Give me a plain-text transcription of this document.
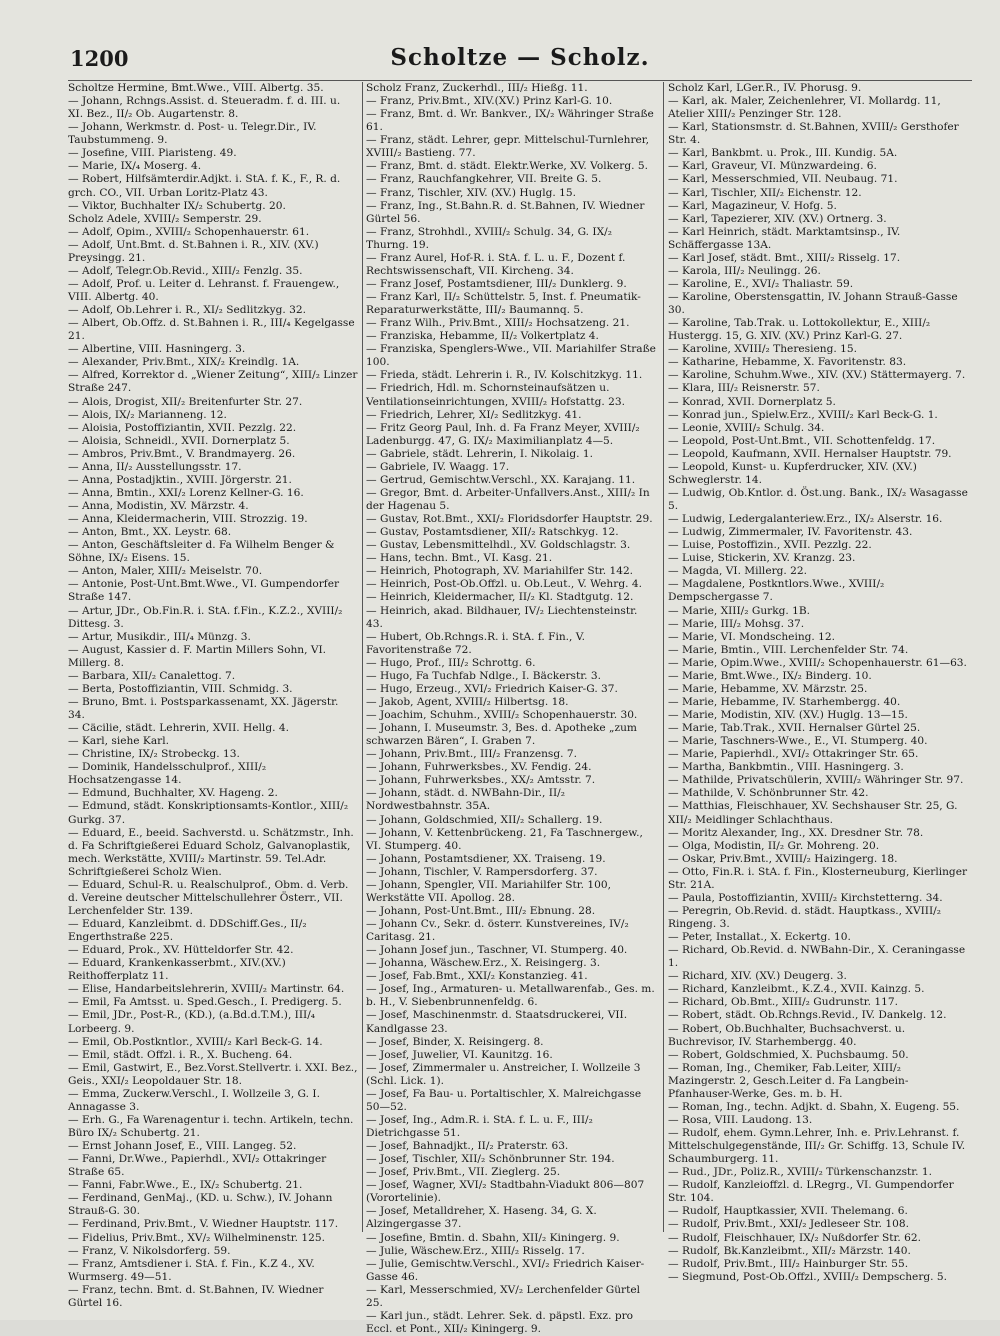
1200	Scholtze — Scholz.
Scholtze Hermine, Bmt.Wwe., VIII. Albertg. 35.
— Johann, Rchngs.Assist. d. Steueradm. f. d. III. u. XI. Bez., II/₂ Ob. Augartenstr. 8.
— Johann, Werkmstr. d. Post- u. Telegr.Dir., IV. Taubstummeng. 9.
— Josefine, VIII. Piaristeng. 49.
— Marie, IX/₄ Moserg. 4.
— Robert, Hilfsämterdir.Adjkt. i. StA. f. K., F., R. d. grch. CO., VII. Urban Loritz-Platz 43.
— Viktor, Buchhalter IX/₂ Schubertg. 20.
Scholz Adele, XVIII/₂ Semperstr. 29.
— Adolf, Opim., XVIII/₂ Schopenhauerstr. 61.
— Adolf, Unt.Bmt. d. St.Bahnen i. R., XIV. (XV.) Preysingg. 21.
— Adolf, Telegr.Ob.Revid., XIII/₂ Fenzlg. 35.
— Adolf, Prof. u. Leiter d. Lehranst. f. Frauengew., VIII. Albertg. 40.
— Adolf, Ob.Lehrer i. R., XI/₂ Sedlitzkyg. 32.
— Albert, Ob.Offz. d. St.Bahnen i. R., III/₄ Kegelgasse 21.
— Albertine, VIII. Hasningerg. 3.
— Alexander, Priv.Bmt., XIX/₂ Kreindlg. 1A.
— Alfred, Korrektor d. „Wiener Zeitung“, XIII/₂ Linzer Straße 247.
— Alois, Drogist, XII/₂ Breitenfurter Str. 27.
— Alois, IX/₂ Marianneng. 12.
— Aloisia, Postoffiziantin, XVII. Pezzlg. 22.
— Aloisia, Schneidl., XVII. Dornerplatz 5.
— Ambros, Priv.Bmt., V. Brandmayerg. 26.
— Anna, II/₂ Ausstellungsstr. 17.
— Anna, Postadjktin., XVIII. Jörgerstr. 21.
— Anna, Bmtin., XXI/₂ Lorenz Kellner-G. 16.
— Anna, Modistin, XV. Märzstr. 4.
— Anna, Kleidermacherin, VIII. Strozzig. 19.
— Anton, Bmt., XX. Leystr. 68.
— Anton, Geschäftsleiter d. Fa Wilhelm Benger & Söhne, IX/₂ Eisens. 15.
— Anton, Maler, XIII/₂ Meiselstr. 70.
— Antonie, Post-Unt.Bmt.Wwe., VI. Gumpendorfer Straße 147.
— Artur, JDr., Ob.Fin.R. i. StA. f.Fin., K.Z.2., XVIII/₂ Dittesg. 3.
— Artur, Musikdir., III/₄ Münzg. 3.
— August, Kassier d. F. Martin Millers Sohn, VI. Millerg. 8.
— Barbara, XII/₂ Canalettog. 7.
— Berta, Postoffiziantin, VIII. Schmidg. 3.
— Bruno, Bmt. i. Postsparkassenamt, XX. Jägerstr. 34.
— Cäcilie, städt. Lehrerin, XVII. Hellg. 4.
— Karl, siehe Karl.
— Christine, IX/₂ Strobeckg. 13.
— Dominik, Handelsschulprof., XIII/₂ Hochsatzengasse 14.
— Edmund, Buchhalter, XV. Hageng. 2.
— Edmund, städt. Konskriptionsamts-Kontlor., XIII/₂ Gurkg. 37.
— Eduard, E., beeid. Sachverstd. u. Schätzmstr., Inh. d. Fa Schriftgießerei Eduard Scholz, Galvanoplastik, mech. Werkstätte, XVIII/₂ Martinstr. 59. Tel.Adr. Schriftgießerei Scholz Wien.
— Eduard, Schul-R. u. Realschulprof., Obm. d. Verb. d. Vereine deutscher Mittelschullehrer Österr., VII. Lerchenfelder Str. 139.
— Eduard, Kanzleibmt. d. DDSchiff.Ges., II/₂ Engerthstraße 225.
— Eduard, Prok., XV. Hütteldorfer Str. 42.
— Eduard, Krankenkasserbmt., XIV.(XV.) Reithofferplatz 11.
— Elise, Handarbeitslehrerin, XVIII/₂ Martinstr. 64.
— Emil, Fa Amtsst. u. Sped.Gesch., I. Predigerg. 5.
— Emil, JDr., Post-R., (KD.), (a.Bd.d.T.M.), III/₄ Lorbeerg. 9.
— Emil, Ob.Postkntlor., XVIII/₂ Karl Beck-G. 14.
— Emil, städt. Offzl. i. R., X. Bucheng. 64.
— Emil, Gastwirt, E., Bez.Vorst.Stellvertr. i. XXI. Bez., Geis., XXI/₂ Leopoldauer Str. 18.
— Emma, Zuckerw.Verschl., I. Wollzeile 3, G. I. Annagasse 3.
— Erh. G., Fa Warenagentur i. techn. Artikeln, techn. Büro IX/₂ Schubertg. 21.
— Ernst Johann Josef, E., VIII. Langeg. 52.
— Fanni, Dr.Wwe., Papierhdl., XVI/₂ Ottakringer Straße 65.
— Fanni, Fabr.Wwe., E., IX/₂ Schubertg. 21.
— Ferdinand, GenMaj., (KD. u. Schw.), IV. Johann Strauß-G. 30.
— Ferdinand, Priv.Bmt., V. Wiedner Hauptstr. 117.
— Fidelius, Priv.Bmt., XV/₂ Wilhelminenstr. 125.
— Franz, V. Nikolsdorferg. 59.
— Franz, Amtsdiener i. StA. f. Fin., K.Z 4., XV. Wurmserg. 49—51.
— Franz, techn. Bmt. d. St.Bahnen, IV. Wiedner Gürtel 16.
Scholz Franz, Zuckerhdl., III/₂ Hießg. 11.
— Franz, Priv.Bmt., XIV.(XV.) Prinz Karl-G. 10.
— Franz, Bmt. d. Wr. Bankver., IX/₂ Währinger Straße 61.
— Franz, städt. Lehrer, gepr. Mittelschul-Turnlehrer, XVIII/₂ Bastieng. 77.
— Franz, Bmt. d. städt. Elektr.Werke, XV. Volkerg. 5.
— Franz, Rauchfangkehrer, VII. Breite G. 5.
— Franz, Tischler, XIV. (XV.) Huglg. 15.
— Franz, Ing., St.Bahn.R. d. St.Bahnen, IV. Wiedner Gürtel 56.
— Franz, Strohhdl., XVIII/₂ Schulg. 34, G. IX/₂ Thurng. 19.
— Franz Aurel, Hof-R. i. StA. f. L. u. F., Dozent f. Rechtswissenschaft, VII. Kircheng. 34.
— Franz Josef, Postamtsdiener, III/₂ Dunklerg. 9.
— Franz Karl, II/₂ Schüttelstr. 5, Inst. f. Pneumatik-Reparaturwerkstätte, III/₂ Baumannq. 5.
— Franz Wilh., Priv.Bmt., XIII/₂ Hochsatzeng. 21.
— Franziska, Hebamme, II/₂ Volkertplatz 4.
— Franziska, Spenglers-Wwe., VII. Mariahilfer Straße 100.
— Frieda, städt. Lehrerin i. R., IV. Kolschitzkyg. 11.
— Friedrich, Hdl. m. Schornsteinaufsätzen u. Ventilationseinrichtungen, XVIII/₂ Hofstattg. 23.
— Friedrich, Lehrer, XI/₂ Sedlitzkyg. 41.
— Fritz Georg Paul, Inh. d. Fa Franz Meyer, XVIII/₂ Ladenburgg. 47, G. IX/₂ Maximilianplatz 4—5.
— Gabriele, städt. Lehrerin, I. Nikolaig. 1.
— Gabriele, IV. Waagg. 17.
— Gertrud, Gemischtw.Verschl., XX. Karajang. 11.
— Gregor, Bmt. d. Arbeiter-Unfallvers.Anst., XIII/₂ In der Hagenau 5.
— Gustav, Rot.Bmt., XXI/₂ Floridsdorfer Hauptstr. 29.
— Gustav, Postamtsdiener, XII/₂ Ratschkyg. 12.
— Gustav, Lebensmittelhdl., XV. Goldschlagstr. 3.
— Hans, techn. Bmt., VI. Kasg. 21.
— Heinrich, Photograph, XV. Mariahilfer Str. 142.
— Heinrich, Post-Ob.Offzl. u. Ob.Leut., V. Wehrg. 4.
— Heinrich, Kleidermacher, II/₂ Kl. Stadtgutg. 12.
— Heinrich, akad. Bildhauer, IV/₂ Liechtensteinstr. 43.
— Hubert, Ob.Rchngs.R. i. StA. f. Fin., V. Favoritenstraße 72.
— Hugo, Prof., III/₂ Schrottg. 6.
— Hugo, Fa Tuchfab Ndlge., I. Bäckerstr. 3.
— Hugo, Erzeug., XVI/₂ Friedrich Kaiser-G. 37.
— Jakob, Agent, XVIII/₂ Hilbertsg. 18.
— Joachim, Schuhm., XVIII/₂ Schopenhauerstr. 30.
— Johann, I. Museumstr. 3, Bes. d. Apotheke „zum schwarzen Bären“, I. Graben 7.
— Johann, Priv.Bmt., III/₂ Franzensg. 7.
— Johann, Fuhrwerksbes., XV. Fendig. 24.
— Johann, Fuhrwerksbes., XX/₂ Amtsstr. 7.
— Johann, städt. d. NWBahn-Dir., II/₂ Nordwestbahnstr. 35A.
— Johann, Goldschmied, XII/₂ Schallerg. 19.
— Johann, V. Kettenbrückeng. 21, Fa Taschnergew., VI. Stumperg. 40.
— Johann, Postamtsdiener, XX. Traiseng. 19.
— Johann, Tischler, V. Rampersdorferg. 37.
— Johann, Spengler, VII. Mariahilfer Str. 100, Werkstätte VII. Apollog. 28.
— Johann, Post-Unt.Bmt., III/₂ Ebnung. 28.
— Johann Cv., Sekr. d. österr. Kunstvereines, IV/₂ Caritasg. 21.
— Johann Josef jun., Taschner, VI. Stumperg. 40.
— Johanna, Wäschew.Erz., X. Reisingerg. 3.
— Josef, Fab.Bmt., XXI/₂ Konstanzieg. 41.
— Josef, Ing., Armaturen- u. Metallwarenfab., Ges. m. b. H., V. Siebenbrunnenfeldg. 6.
— Josef, Maschinenmstr. d. Staatsdruckerei, VII. Kandlgasse 23.
— Josef, Binder, X. Reisingerg. 8.
— Josef, Juwelier, VI. Kaunitzg. 16.
— Josef, Zimmermaler u. Anstreicher, I. Wollzeile 3 (Schl. Lick. 1).
— Josef, Fa Bau- u. Portaltischler, X. Malreichgasse 50—52.
— Josef, Ing., Adm.R. i. StA. f. L. u. F., III/₂ Dietrichgasse 51.
— Josef, Bahnadjkt., II/₂ Praterstr. 63.
— Josef, Tischler, XII/₂ Schönbrunner Str. 194.
— Josef, Priv.Bmt., VII. Zieglerg. 25.
— Josef, Wagner, XVI/₂ Stadtbahn-Viadukt 806—807 (Vorortelinie).
— Josef, Metalldreher, X. Haseng. 34, G. X. Alzingergasse 37.
— Josefine, Bmtin. d. Sbahn, XII/₂ Kiningerg. 9.
— Julie, Wäschew.Erz., XIII/₂ Risselg. 17.
— Julie, Gemischtw.Verschl., XVI/₂ Friedrich Kaiser-Gasse 46.
— Karl, Messerschmied, XV/₂ Lerchenfelder Gürtel 25.
— Karl jun., städt. Lehrer. Sek. d. päpstl. Exz. pro Eccl. et Pont., XII/₂ Kiningerg. 9.
Scholz Karl, LGer.R., IV. Phorusg. 9.
— Karl, ak. Maler, Zeichenlehrer, VI. Mollardg. 11, Atelier XIII/₂ Penzinger Str. 128.
— Karl, Stationsmstr. d. St.Bahnen, XVIII/₂ Gersthofer Str. 4.
— Karl, Bankbmt. u. Prok., III. Kundig. 5A.
— Karl, Graveur, VI. Münzwardeing. 6.
— Karl, Messerschmied, VII. Neubaug. 71.
— Karl, Tischler, XII/₂ Eichenstr. 12.
— Karl, Magazineur, V. Hofg. 5.
— Karl, Tapezierer, XIV. (XV.) Ortnerg. 3.
— Karl Heinrich, städt. Marktamtsinsp., IV. Schäffergasse 13A.
— Karl Josef, städt. Bmt., XIII/₂ Risselg. 17.
— Karola, III/₂ Neulingg. 26.
— Karoline, E., XVI/₂ Thaliastr. 59.
— Karoline, Oberstensgattin, IV. Johann Strauß-Gasse 30.
— Karoline, Tab.Trak. u. Lottokollektur, E., XIII/₂ Hustergg. 15, G. XIV. (XV.) Prinz Karl-G. 27.
— Karoline, XVIII/₂ Theresieng. 15.
— Katharine, Hebamme, X. Favoritenstr. 83.
— Karoline, Schuhm.Wwe., XIV. (XV.) Stättermayerg. 7.
— Klara, III/₂ Reisnerstr. 57.
— Konrad, XVII. Dornerplatz 5.
— Konrad jun., Spielw.Erz., XVIII/₂ Karl Beck-G. 1.
— Leonie, XVIII/₂ Schulg. 34.
— Leopold, Post-Unt.Bmt., VII. Schottenfeldg. 17.
— Leopold, Kaufmann, XVII. Hernalser Hauptstr. 79.
— Leopold, Kunst- u. Kupferdrucker, XIV. (XV.) Schweglerstr. 14.
— Ludwig, Ob.Kntlor. d. Öst.ung. Bank., IX/₂ Wasagasse 5.
— Ludwig, Ledergalanteriew.Erz., IX/₂ Alserstr. 16.
— Ludwig, Zimmermaler, IV. Favoritenstr. 43.
— Luise, Postoffizin., XVII. Pezzlg. 22.
— Luise, Stickerin, XV. Kranzg. 23.
— Magda, VI. Millerg. 22.
— Magdalene, Postkntlors.Wwe., XVIII/₂ Dempschergasse 7.
— Marie, XIII/₂ Gurkg. 1B.
— Marie, III/₂ Mohsg. 37.
— Marie, VI. Mondscheing. 12.
— Marie, Bmtin., VIII. Lerchenfelder Str. 74.
— Marie, Opim.Wwe., XVIII/₂ Schopenhauerstr. 61—63.
— Marie, Bmt.Wwe., IX/₂ Binderg. 10.
— Marie, Hebamme, XV. Märzstr. 25.
— Marie, Hebamme, IV. Starhembergg. 40.
— Marie, Modistin, XIV. (XV.) Huglg. 13—15.
— Marie, Tab.Trak., XVII. Hernalser Gürtel 25.
— Marie, Taschners-Wwe., E., VI. Stumperg. 40.
— Marie, Papierhdl., XVI/₂ Ottakringer Str. 65.
— Martha, Bankbmtin., VIII. Hasningerg. 3.
— Mathilde, Privatschülerin, XVIII/₂ Währinger Str. 97.
— Mathilde, V. Schönbrunner Str. 42.
— Matthias, Fleischhauer, XV. Sechshauser Str. 25, G. XII/₂ Meidlinger Schlachthaus.
— Moritz Alexander, Ing., XX. Dresdner Str. 78.
— Olga, Modistin, II/₂ Gr. Mohreng. 20.
— Oskar, Priv.Bmt., XVIII/₂ Haizingerg. 18.
— Otto, Fin.R. i. StA. f. Fin., Klosterneuburg, Kierlinger Str. 21A.
— Paula, Postoffiziantin, XVIII/₂ Kirchstetterng. 34.
— Peregrin, Ob.Revid. d. städt. Hauptkass., XVIII/₂ Ringeng. 3.
— Peter, Installat., X. Eckertg. 10.
— Richard, Ob.Revid. d. NWBahn-Dir., X. Ceraningasse 1.
— Richard, XIV. (XV.) Deugerg. 3.
— Richard, Kanzleibmt., K.Z.4., XVII. Kainzg. 5.
— Richard, Ob.Bmt., XIII/₂ Gudrunstr. 117.
— Robert, städt. Ob.Rchngs.Revid., IV. Dankelg. 12.
— Robert, Ob.Buchhalter, Buchsachverst. u. Buchrevisor, IV. Starhembergg. 40.
— Robert, Goldschmied, X. Puchsbaumg. 50.
— Roman, Ing., Chemiker, Fab.Leiter, XIII/₂ Mazingerstr. 2, Gesch.Leiter d. Fa Langbein-Pfanhauser-Werke, Ges. m. b. H.
— Roman, Ing., techn. Adjkt. d. Sbahn, X. Eugeng. 55.
— Rosa, VIII. Laudong. 13.
— Rudolf, ehem. Gymn.Lehrer, Inh. e. Priv.Lehranst. f. Mittelschulgegenstände, III/₂ Gr. Schiffg. 13, Schule IV. Schaumburgerg. 11.
— Rud., JDr., Poliz.R., XVIII/₂ Türkenschanzstr. 1.
— Rudolf, Kanzleioffzl. d. LRegrg., VI. Gumpendorfer Str. 104.
— Rudolf, Hauptkassier, XVII. Thelemang. 6.
— Rudolf, Priv.Bmt., XXI/₂ Jedleseer Str. 108.
— Rudolf, Fleischhauer, IX/₂ Nußdorfer Str. 62.
— Rudolf, Bk.Kanzleibmt., XII/₂ Märzstr. 140.
— Rudolf, Priv.Bmt., III/₂ Hainburger Str. 55.
— Siegmund, Post-Ob.Offzl., XVIII/₂ Dempscherg. 5.
